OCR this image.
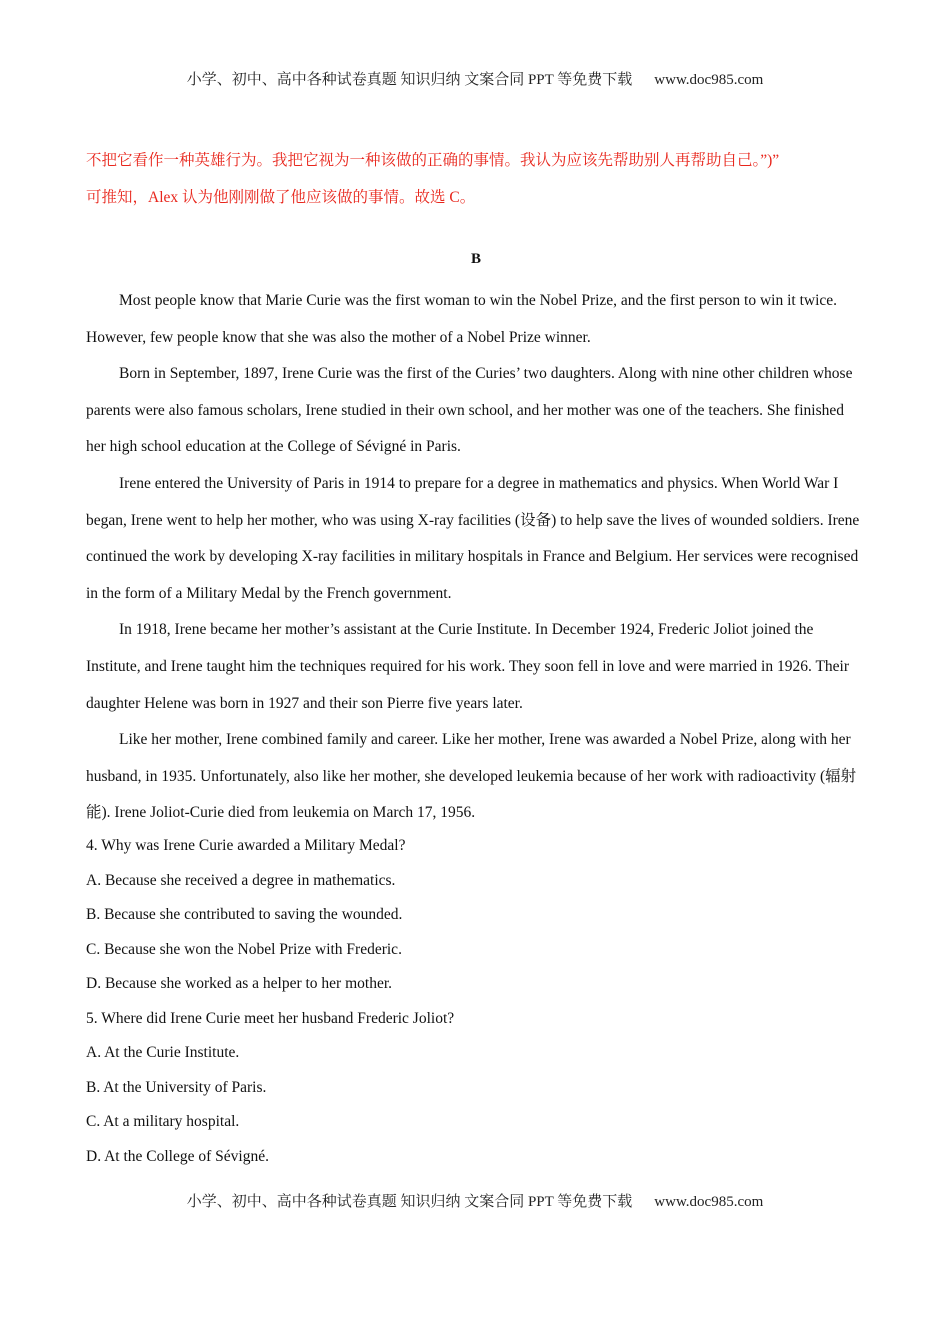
小学、初中、高中各种试卷真题 知识归纳 文案合同 PPT 等免费下载 www.doc985.com

不把它看作一种英雄行为。我把它视为一种该做的正确的事情。我认为应该先帮助别人再帮助自己。”)”

可推知，Alex 认为他刚刚做了他应该做的事情。故选 C。

B

Most people know that Marie Curie was the first woman to win the Nobel Prize, and the first person to win it twice. However, few people know that she was also the mother of a Nobel Prize winner.

Born in September, 1897, Irene Curie was the first of the Curies’ two daughters. Along with nine other children whose parents were also famous scholars, Irene studied in their own school, and her mother was one of the teachers. She finished her high school education at the College of Sévigné in Paris.

Irene entered the University of Paris in 1914 to prepare for a degree in mathematics and physics. When World War I began, Irene went to help her mother, who was using X-ray facilities (设备) to help save the lives of wounded soldiers. Irene continued the work by developing X-ray facilities in military hospitals in France and Belgium. Her services were recognised in the form of a Military Medal by the French government.

In 1918, Irene became her mother’s assistant at the Curie Institute. In December 1924, Frederic Joliot joined the Institute, and Irene taught him the techniques required for his work. They soon fell in love and were married in 1926. Their daughter Helene was born in 1927 and their son Pierre five years later.

Like her mother, Irene combined family and career. Like her mother, Irene was awarded a Nobel Prize, along with her husband, in 1935. Unfortunately, also like her mother, she developed leukemia because of her work with radioactivity (辐射能). Irene Joliot-Curie died from leukemia on March 17, 1956.

4. Why was Irene Curie awarded a Military Medal?

A. Because she received a degree in mathematics.

B. Because she contributed to saving the wounded.

C. Because she won the Nobel Prize with Frederic.

D. Because she worked as a helper to her mother.

5. Where did Irene Curie meet her husband Frederic Joliot?

A. At the Curie Institute.

B. At the University of Paris.

C. At a military hospital.

D. At the College of Sévigné.

小学、初中、高中各种试卷真题 知识归纳 文案合同 PPT 等免费下载 www.doc985.com
